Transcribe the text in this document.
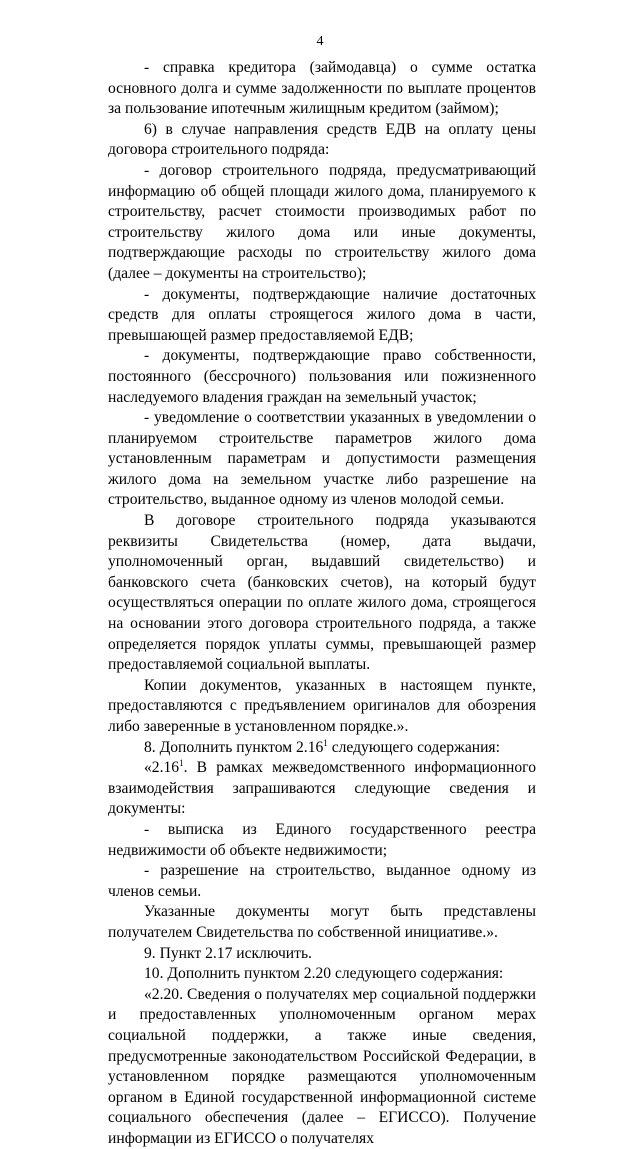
4

- справка кредитора (займодавца) о сумме остатка основного долга и сумме задолженности по выплате процентов за пользование ипотечным жилищным кредитом (займом);

6) в случае направления средств ЕДВ на оплату цены договора строительного подряда:

- договор строительного подряда, предусматривающий информацию об общей площади жилого дома, планируемого к строительству, расчет стоимости производимых работ по строительству жилого дома или иные документы, подтверждающие расходы по строительству жилого дома (далее – документы на строительство);

- документы, подтверждающие наличие достаточных средств для оплаты строящегося жилого дома в части, превышающей размер предоставляемой ЕДВ;

- документы, подтверждающие право собственности, постоянного (бессрочного) пользования или пожизненного наследуемого владения граждан на земельный участок;

- уведомление о соответствии указанных в уведомлении о планируемом строительстве параметров жилого дома установленным параметрам и допустимости размещения жилого дома на земельном участке либо разрешение на строительство, выданное одному из членов молодой семьи.

В договоре строительного подряда указываются реквизиты Свидетельства (номер, дата выдачи, уполномоченный орган, выдавший свидетельство) и банковского счета (банковских счетов), на который будут осуществляться операции по оплате жилого дома, строящегося на основании этого договора строительного подряда, а также определяется порядок уплаты суммы, превышающей размер предоставляемой социальной выплаты.

Копии документов, указанных в настоящем пункте, предоставляются с предъявлением оригиналов для обозрения либо заверенные в установленном порядке.».

8. Дополнить пунктом 2.16$^1$ следующего содержания:

«2.16$^1$. В рамках межведомственного информационного взаимодействия запрашиваются следующие сведения и документы:

- выписка из Единого государственного реестра недвижимости об объекте недвижимости;

- разрешение на строительство, выданное одному из членов семьи.

Указанные документы могут быть представлены получателем Свидетельства по собственной инициативе.».

9. Пункт 2.17 исключить.

10. Дополнить пунктом 2.20 следующего содержания:

«2.20. Сведения о получателях мер социальной поддержки и предоставленных уполномоченным органом мерах социальной поддержки, а также иные сведения, предусмотренные законодательством Российской Федерации, в установленном порядке размещаются уполномоченным органом в Единой государственной информационной системе социального обеспечения (далее – ЕГИССО). Получение информации из ЕГИССО о получателях
